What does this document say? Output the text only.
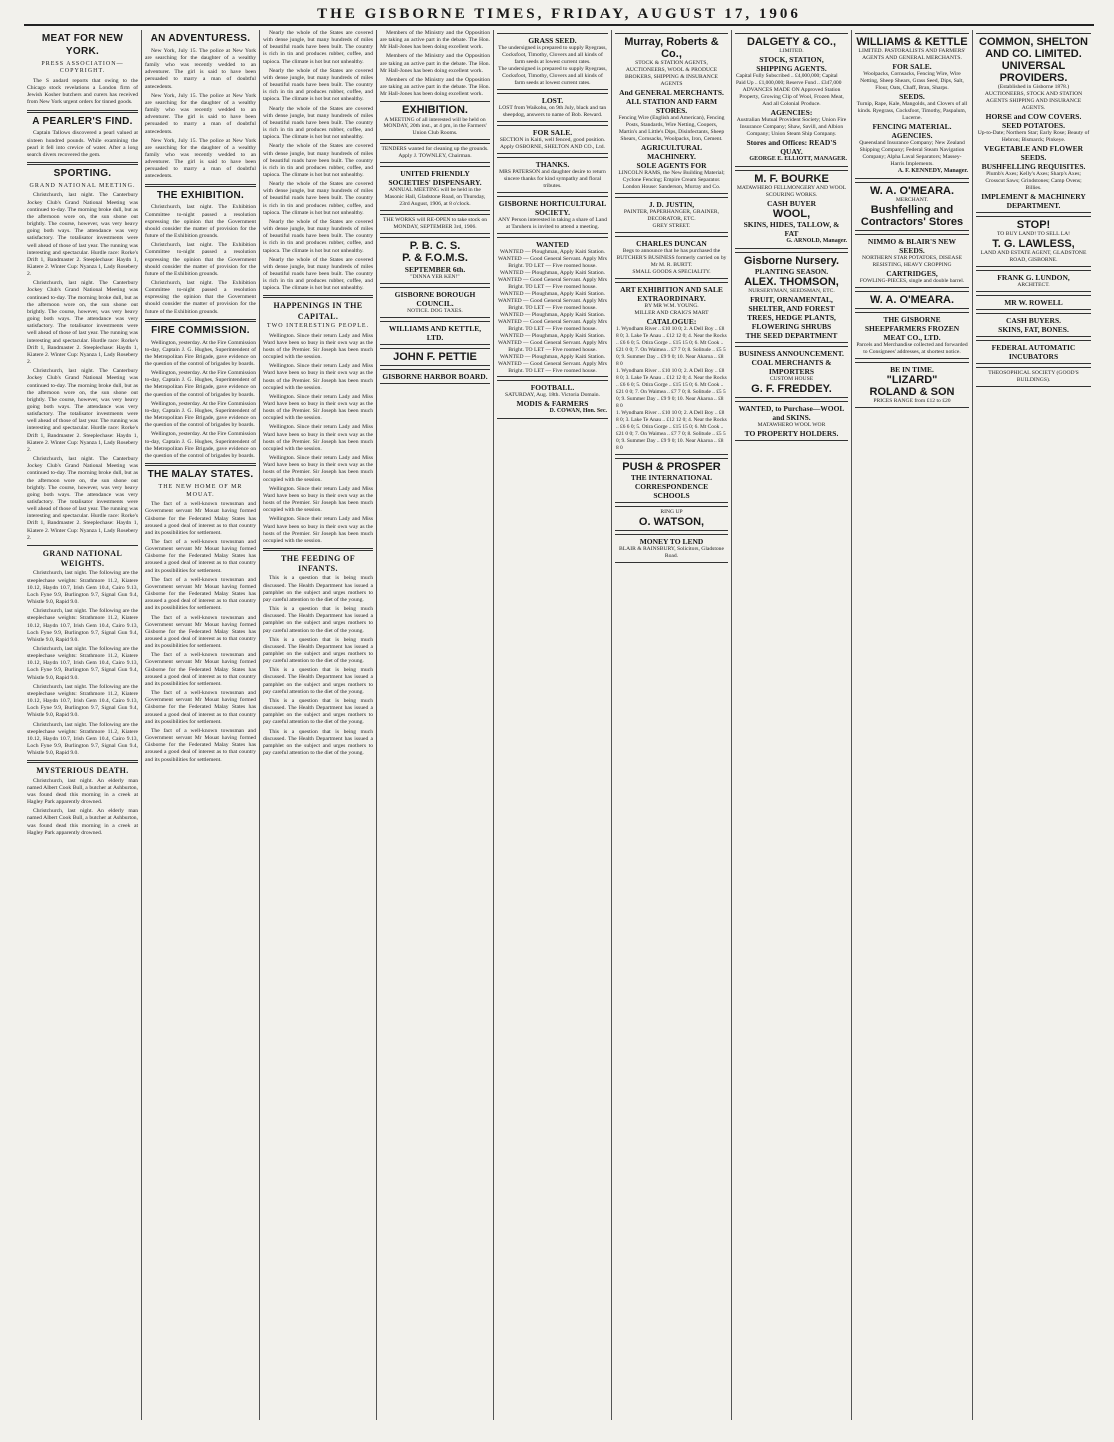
THE GISBORNE TIMES, FRIDAY, AUGUST 17, 1906
MEAT FOR NEW YORK.
PRESS ASSOCIATION—COPYRIGHT.

The S andard reports that owing to the Chicago stock revelations a London firm of Jewish Kosher butchers and curers has received from New York urgent orders for tinned goods.

A PEARLER'S FIND.

Captain Tallows discovered a pearl valued at sixteen hundred pounds. While examining the pearl it fell into crevice of water. After a long search divers recovered the gem.

SPORTING.
GRAND NATIONAL MEETING.

Christchurch, last night. The Canterbury Jockey Club's Grand National Meeting was continued to-day. The morning broke dull, but as the afternoon wore on, the sun shone out brightly. The course, however, was very heavy going both ways. The attendance was very satisfactory. The totalisator investments were well ahead of those of last year. The running was interesting and spectacular. Hurdle race: Rorke's Drift 1, Bandmaster 2. Steeplechase: Haydn 1, Kiatere 2. Winter Cup: Nyanza 1, Lady Rosebery 2.

Christchurch, last night. The Canterbury Jockey Club's Grand National Meeting was continued to-day. The morning broke dull, but as the afternoon wore on, the sun shone out brightly. The course, however, was very heavy going both ways. The attendance was very satisfactory. The totalisator investments were well ahead of those of last year. The running was interesting and spectacular. Hurdle race: Rorke's Drift 1, Bandmaster 2. Steeplechase: Haydn 1, Kiatere 2. Winter Cup: Nyanza 1, Lady Rosebery 2.

Christchurch, last night. The Canterbury Jockey Club's Grand National Meeting was continued to-day. The morning broke dull, but as the afternoon wore on, the sun shone out brightly. The course, however, was very heavy going both ways. The attendance was very satisfactory. The totalisator investments were well ahead of those of last year. The running was interesting and spectacular. Hurdle race: Rorke's Drift 1, Bandmaster 2. Steeplechase: Haydn 1, Kiatere 2. Winter Cup: Nyanza 1, Lady Rosebery 2.

Christchurch, last night. The Canterbury Jockey Club's Grand National Meeting was continued to-day. The morning broke dull, but as the afternoon wore on, the sun shone out brightly. The course, however, was very heavy going both ways. The attendance was very satisfactory. The totalisator investments were well ahead of those of last year. The running was interesting and spectacular. Hurdle race: Rorke's Drift 1, Bandmaster 2. Steeplechase: Haydn 1, Kiatere 2. Winter Cup: Nyanza 1, Lady Rosebery 2.

GRAND NATIONAL WEIGHTS.

Christchurch, last night. The following are the steeplechase weights: Strathmore 11.2, Kiatere 10.12, Haydn 10.7, Irish Gem 10.4, Cairo 9.13, Loch Fyne 9.9, Burlington 9.7, Signal Gun 9.4, Whistle 9.0, Rapid 9.0.

Christchurch, last night. The following are the steeplechase weights: Strathmore 11.2, Kiatere 10.12, Haydn 10.7, Irish Gem 10.4, Cairo 9.13, Loch Fyne 9.9, Burlington 9.7, Signal Gun 9.4, Whistle 9.0, Rapid 9.0.

Christchurch, last night. The following are the steeplechase weights: Strathmore 11.2, Kiatere 10.12, Haydn 10.7, Irish Gem 10.4, Cairo 9.13, Loch Fyne 9.9, Burlington 9.7, Signal Gun 9.4, Whistle 9.0, Rapid 9.0.

Christchurch, last night. The following are the steeplechase weights: Strathmore 11.2, Kiatere 10.12, Haydn 10.7, Irish Gem 10.4, Cairo 9.13, Loch Fyne 9.9, Burlington 9.7, Signal Gun 9.4, Whistle 9.0, Rapid 9.0.

Christchurch, last night. The following are the steeplechase weights: Strathmore 11.2, Kiatere 10.12, Haydn 10.7, Irish Gem 10.4, Cairo 9.13, Loch Fyne 9.9, Burlington 9.7, Signal Gun 9.4, Whistle 9.0, Rapid 9.0.

MYSTERIOUS DEATH.

Christchurch, last night. An elderly man named Albert Cook Bull, a butcher at Ashburton, was found dead this morning in a creek at Hagley Park apparently drowned.

Christchurch, last night. An elderly man named Albert Cook Bull, a butcher at Ashburton, was found dead this morning in a creek at Hagley Park apparently drowned.

AN ADVENTURESS.

New York, July 15. The police at New York are searching for the daughter of a wealthy family who was recently wedded to an adventurer. The girl is said to have been persuaded to marry a man of doubtful antecedents.

New York, July 15. The police at New York are searching for the daughter of a wealthy family who was recently wedded to an adventurer. The girl is said to have been persuaded to marry a man of doubtful antecedents.

New York, July 15. The police at New York are searching for the daughter of a wealthy family who was recently wedded to an adventurer. The girl is said to have been persuaded to marry a man of doubtful antecedents.

THE EXHIBITION.

Christchurch, last night. The Exhibition Committee to-night passed a resolution expressing the opinion that the Government should consider the matter of provision for the future of the Exhibition grounds.

Christchurch, last night. The Exhibition Committee to-night passed a resolution expressing the opinion that the Government should consider the matter of provision for the future of the Exhibition grounds.

Christchurch, last night. The Exhibition Committee to-night passed a resolution expressing the opinion that the Government should consider the matter of provision for the future of the Exhibition grounds.

FIRE COMMISSION.

Wellington, yesterday. At the Fire Commission to-day, Captain J. G. Hughes, Superintendent of the Metropolitan Fire Brigade, gave evidence on the question of the control of brigades by boards.

Wellington, yesterday. At the Fire Commission to-day, Captain J. G. Hughes, Superintendent of the Metropolitan Fire Brigade, gave evidence on the question of the control of brigades by boards.

Wellington, yesterday. At the Fire Commission to-day, Captain J. G. Hughes, Superintendent of the Metropolitan Fire Brigade, gave evidence on the question of the control of brigades by boards.

Wellington, yesterday. At the Fire Commission to-day, Captain J. G. Hughes, Superintendent of the Metropolitan Fire Brigade, gave evidence on the question of the control of brigades by boards.

THE MALAY STATES.
THE NEW HOME OF MR MOUAT.

The fact of a well-known townsman and Government servant Mr Mouat having formed Gisborne for the Federated Malay States has aroused a good deal of interest as to that country and its possibilities for settlement.

The fact of a well-known townsman and Government servant Mr Mouat having formed Gisborne for the Federated Malay States has aroused a good deal of interest as to that country and its possibilities for settlement.

The fact of a well-known townsman and Government servant Mr Mouat having formed Gisborne for the Federated Malay States has aroused a good deal of interest as to that country and its possibilities for settlement.

The fact of a well-known townsman and Government servant Mr Mouat having formed Gisborne for the Federated Malay States has aroused a good deal of interest as to that country and its possibilities for settlement.

The fact of a well-known townsman and Government servant Mr Mouat having formed Gisborne for the Federated Malay States has aroused a good deal of interest as to that country and its possibilities for settlement.

The fact of a well-known townsman and Government servant Mr Mouat having formed Gisborne for the Federated Malay States has aroused a good deal of interest as to that country and its possibilities for settlement.

The fact of a well-known townsman and Government servant Mr Mouat having formed Gisborne for the Federated Malay States has aroused a good deal of interest as to that country and its possibilities for settlement.

Nearly the whole of the States are covered with dense jungle, but many hundreds of miles of beautiful roads have been built. The country is rich in tin and produces rubber, coffee, and tapioca. The climate is hot but not unhealthy.

Nearly the whole of the States are covered with dense jungle, but many hundreds of miles of beautiful roads have been built. The country is rich in tin and produces rubber, coffee, and tapioca. The climate is hot but not unhealthy.

Nearly the whole of the States are covered with dense jungle, but many hundreds of miles of beautiful roads have been built. The country is rich in tin and produces rubber, coffee, and tapioca. The climate is hot but not unhealthy.

Nearly the whole of the States are covered with dense jungle, but many hundreds of miles of beautiful roads have been built. The country is rich in tin and produces rubber, coffee, and tapioca. The climate is hot but not unhealthy.

Nearly the whole of the States are covered with dense jungle, but many hundreds of miles of beautiful roads have been built. The country is rich in tin and produces rubber, coffee, and tapioca. The climate is hot but not unhealthy.

Nearly the whole of the States are covered with dense jungle, but many hundreds of miles of beautiful roads have been built. The country is rich in tin and produces rubber, coffee, and tapioca. The climate is hot but not unhealthy.

Nearly the whole of the States are covered with dense jungle, but many hundreds of miles of beautiful roads have been built. The country is rich in tin and produces rubber, coffee, and tapioca. The climate is hot but not unhealthy.

HAPPENINGS IN THE CAPITAL.
TWO INTERESTING PEOPLE.

Wellington. Since their return Lady and Miss Ward have been so busy in their own way as the hosts of the Premier. Sir Joseph has been much occupied with the session.

Wellington. Since their return Lady and Miss Ward have been so busy in their own way as the hosts of the Premier. Sir Joseph has been much occupied with the session.

Wellington. Since their return Lady and Miss Ward have been so busy in their own way as the hosts of the Premier. Sir Joseph has been much occupied with the session.

Wellington. Since their return Lady and Miss Ward have been so busy in their own way as the hosts of the Premier. Sir Joseph has been much occupied with the session.

Wellington. Since their return Lady and Miss Ward have been so busy in their own way as the hosts of the Premier. Sir Joseph has been much occupied with the session.

Wellington. Since their return Lady and Miss Ward have been so busy in their own way as the hosts of the Premier. Sir Joseph has been much occupied with the session.

Wellington. Since their return Lady and Miss Ward have been so busy in their own way as the hosts of the Premier. Sir Joseph has been much occupied with the session.

THE FEEDING OF INFANTS.

This is a question that is being much discussed. The Health Department has issued a pamphlet on the subject and urges mothers to pay careful attention to the diet of the young.

This is a question that is being much discussed. The Health Department has issued a pamphlet on the subject and urges mothers to pay careful attention to the diet of the young.

This is a question that is being much discussed. The Health Department has issued a pamphlet on the subject and urges mothers to pay careful attention to the diet of the young.

This is a question that is being much discussed. The Health Department has issued a pamphlet on the subject and urges mothers to pay careful attention to the diet of the young.

This is a question that is being much discussed. The Health Department has issued a pamphlet on the subject and urges mothers to pay careful attention to the diet of the young.

This is a question that is being much discussed. The Health Department has issued a pamphlet on the subject and urges mothers to pay careful attention to the diet of the young.

Members of the Ministry and the Opposition are taking an active part in the debate. The Hon. Mr Hall-Jones has been doing excellent work.

Members of the Ministry and the Opposition are taking an active part in the debate. The Hon. Mr Hall-Jones has been doing excellent work.

Members of the Ministry and the Opposition are taking an active part in the debate. The Hon. Mr Hall-Jones has been doing excellent work.

EXHIBITION.
A MEETING of all interested will be held on MONDAY, 20th inst., at 4 pm, in the Farmers' Union Club Rooms.
TENDERS wanted for cleaning up the grounds. Apply J. TOWNLEY, Chairman.
UNITED FRIENDLY SOCIETIES' DISPENSARY.
ANNUAL MEETING will be held in the Masonic Hall, Gladstone Road, on Thursday, 23rd August, 1906, at 8 o'clock.
THE WORKS will RE-OPEN to take stock on MONDAY, SEPTEMBER 3rd, 1906.
P. B. C. S.
P. & F.O.M.S.
SEPTEMBER 6th.
"DINNA YER KEN!"
GISBORNE BOROUGH COUNCIL.
NOTICE. DOG TAXES.
WILLIAMS AND KETTLE, LTD.
JOHN F. PETTIE
GISBORNE HARBOR BOARD.
GRASS SEED.
The undersigned is prepared to supply Ryegrass, Cocksfoot, Timothy, Clovers and all kinds of farm seeds at lowest current rates.
The undersigned is prepared to supply Ryegrass, Cocksfoot, Timothy, Clovers and all kinds of farm seeds at lowest current rates.
LOST.
LOST from Waikohu, on 9th July, black and tan sheepdog, answers to name of Bob. Reward.
FOR SALE.
SECTION in Kaiti, well fenced, good position. Apply OSBORNE, SHELTON AND CO., Ltd.
THANKS.
MRS PATERSON and daughter desire to return sincere thanks for kind sympathy and floral tributes.
GISBORNE HORTICULTURAL SOCIETY.
ANY Person interested in taking a share of Land at Taruheru is invited to attend a meeting.
WANTED
WANTED — Ploughman, Apply Kaiti Station. WANTED — Good General Servant. Apply Mrs Bright. TO LET — Five roomed house.
WANTED — Ploughman, Apply Kaiti Station. WANTED — Good General Servant. Apply Mrs Bright. TO LET — Five roomed house.
WANTED — Ploughman, Apply Kaiti Station. WANTED — Good General Servant. Apply Mrs Bright. TO LET — Five roomed house.
WANTED — Ploughman, Apply Kaiti Station. WANTED — Good General Servant. Apply Mrs Bright. TO LET — Five roomed house.
WANTED — Ploughman, Apply Kaiti Station. WANTED — Good General Servant. Apply Mrs Bright. TO LET — Five roomed house.
WANTED — Ploughman, Apply Kaiti Station. WANTED — Good General Servant. Apply Mrs Bright. TO LET — Five roomed house.
FOOTBALL.
SATURDAY, Aug. 18th. Victoria Domain.
MODIS & FARMERS
D. COWAN, Hon. Sec.
Murray, Roberts & Co.,
STOCK & STATION AGENTS, AUCTIONEERS, WOOL & PRODUCE BROKERS, SHIPPING & INSURANCE AGENTS
And GENERAL MERCHANTS.
ALL STATION AND FARM STORES.
Fencing Wire (English and American), Fencing Posts, Standards, Wire Netting, Coopers, Martin's and Little's Dips, Disinfectants, Sheep Shears, Cornsacks, Woolpacks, Iron, Cement.
AGRICULTURAL MACHINERY.
SOLE AGENTS FOR
LINCOLN RAMS, the New Building Material; Cyclone Fencing; Empire Cream Separator.
London House: Sanderson, Murray and Co.
J. D. JUSTIN,
PAINTER, PAPERHANGER, GRAINER, DECORATOR, ETC.
GREY STREET.
CHARLES DUNCAN
Begs to announce that he has purchased the BUTCHER'S BUSINESS formerly carried on by Mr M. R. BURTT.
SMALL GOODS A SPECIALITY.
ART EXHIBITION AND SALE EXTRAORDINARY.
BY MR W.M. YOUNG.
MILLER AND CRAIG'S MART
CATALOGUE:
1. Wyndham River .. £10 10 0; 2. A Dell Boy .. £8 8 0; 3. Lake Te Anau .. £12 12 0; 4. Near the Rocks .. £6 6 0; 5. Otira Gorge .. £15 15 0; 6. Mt Cook .. £21 0 0; 7. On Waimea .. £7 7 0; 8. Solitude .. £5 5 0; 9. Summer Day .. £9 9 0; 10. Near Akaroa .. £8 8 0
1. Wyndham River .. £10 10 0; 2. A Dell Boy .. £8 8 0; 3. Lake Te Anau .. £12 12 0; 4. Near the Rocks .. £6 6 0; 5. Otira Gorge .. £15 15 0; 6. Mt Cook .. £21 0 0; 7. On Waimea .. £7 7 0; 8. Solitude .. £5 5 0; 9. Summer Day .. £9 9 0; 10. Near Akaroa .. £8 8 0
1. Wyndham River .. £10 10 0; 2. A Dell Boy .. £8 8 0; 3. Lake Te Anau .. £12 12 0; 4. Near the Rocks .. £6 6 0; 5. Otira Gorge .. £15 15 0; 6. Mt Cook .. £21 0 0; 7. On Waimea .. £7 7 0; 8. Solitude .. £5 5 0; 9. Summer Day .. £9 9 0; 10. Near Akaroa .. £8 8 0
PUSH & PROSPER
THE INTERNATIONAL CORRESPONDENCE SCHOOLS
RING UP
O. WATSON,
MONEY TO LEND
BLAIR & RAINSBURY, Solicitors, Gladstone Road.
DALGETY & CO.,
LIMITED.
STOCK, STATION,
SHIPPING AGENTS.
Capital Fully Subscribed .. £4,000,000; Capital Paid Up .. £1,000,000; Reserve Fund .. £347,000
ADVANCES MADE ON Approved Station Property, Growing Clip of Wool, Frozen Meat, And all Colonial Produce.
AGENCIES:
Australian Mutual Provident Society; Union Fire Insurance Company; Shaw, Savill, and Albion Company; Union Steam Ship Company.
Stores and Offices: READ'S QUAY.
GEORGE E. ELLIOTT, MANAGER.
M. F. BOURKE
MATAWHERO FELLMONGERY AND WOOL SCOURING WORKS.
CASH BUYER
WOOL,
SKINS, HIDES, TALLOW, & FAT
G. ARNOLD, Manager.
Gisborne Nursery.
PLANTING SEASON.
ALEX. THOMSON,
NURSERYMAN, SEEDSMAN, ETC.
FRUIT, ORNAMENTAL, SHELTER, AND FOREST TREES, HEDGE PLANTS, FLOWERING SHRUBS
THE SEED DEPARTMENT
BUSINESS ANNOUNCEMENT.
COAL MERCHANTS & IMPORTERS
CUSTOM HOUSE
G. F. FREDDEY.
WANTED, to Purchase—WOOL and SKINS.
MATAWHERO WOOL WOR
TO PROPERTY HOLDERS.
WILLIAMS & KETTLE
LIMITED. PASTORALISTS AND FARMERS' AGENTS AND GENERAL MERCHANTS.
FOR SALE.
Woolpacks, Cornsacks, Fencing Wire, Wire Netting, Sheep Shears, Grass Seed, Dips, Salt, Flour, Oats, Chaff, Bran, Sharps.
SEEDS.
Turnip, Rape, Kale, Mangolds, and Clovers of all kinds. Ryegrass, Cocksfoot, Timothy, Paspalum, Lucerne.
FENCING MATERIAL.
AGENCIES.
Queensland Insurance Company; New Zealand Shipping Company; Federal Steam Navigation Company; Alpha Laval Separators; Massey-Harris Implements.
A. F. KENNEDY, Manager.
W. A. O'MEARA.
MERCHANT.
Bushfelling and Contractors' Stores
NIMMO & BLAIR'S NEW SEEDS.
NORTHERN STAR POTATOES, DISEASE RESISTING, HEAVY CROPPING
CARTRIDGES,
FOWLING-PIECES, single and double barrel.
W. A. O'MEARA.
THE GISBORNE SHEEPFARMERS FROZEN MEAT CO., LTD.
Parcels and Merchandise collected and forwarded to Consignees' addresses, at shortest notice.
BE IN TIME.
"LIZARD"
ROLAND & SON
PRICES RANGE from £12 to £20
COMMON, SHELTON AND CO. LIMITED.
UNIVERSAL PROVIDERS.
(Established in Gisborne 1878.)
AUCTIONEERS, STOCK AND STATION AGENTS SHIPPING AND INSURANCE AGENTS.
HORSE and COW COVERS.
SEED POTATOES.
Up-to-Date; Northern Star; Early Rose; Beauty of Hebron; Bismarck; Pinkeye.
VEGETABLE AND FLOWER SEEDS.
BUSHFELLING REQUISITES.
Plumb's Axes; Kelly's Axes; Sharp's Axes; Crosscut Saws; Grindstones; Camp Ovens; Billies.
IMPLEMENT & MACHINERY DEPARTMENT.
STOP!
TO BUY LAND! TO SELL LA!
T. G. LAWLESS,
LAND AND ESTATE AGENT, GLADSTONE ROAD, GISBORNE.
FRANK G. LUNDON,
ARCHITECT.
MR W. ROWELL
CASH BUYERS.
SKINS, FAT, BONES.
FEDERAL AUTOMATIC INCUBATORS
THEOSOPHICAL SOCIETY (GOOD'S BUILDINGS).
